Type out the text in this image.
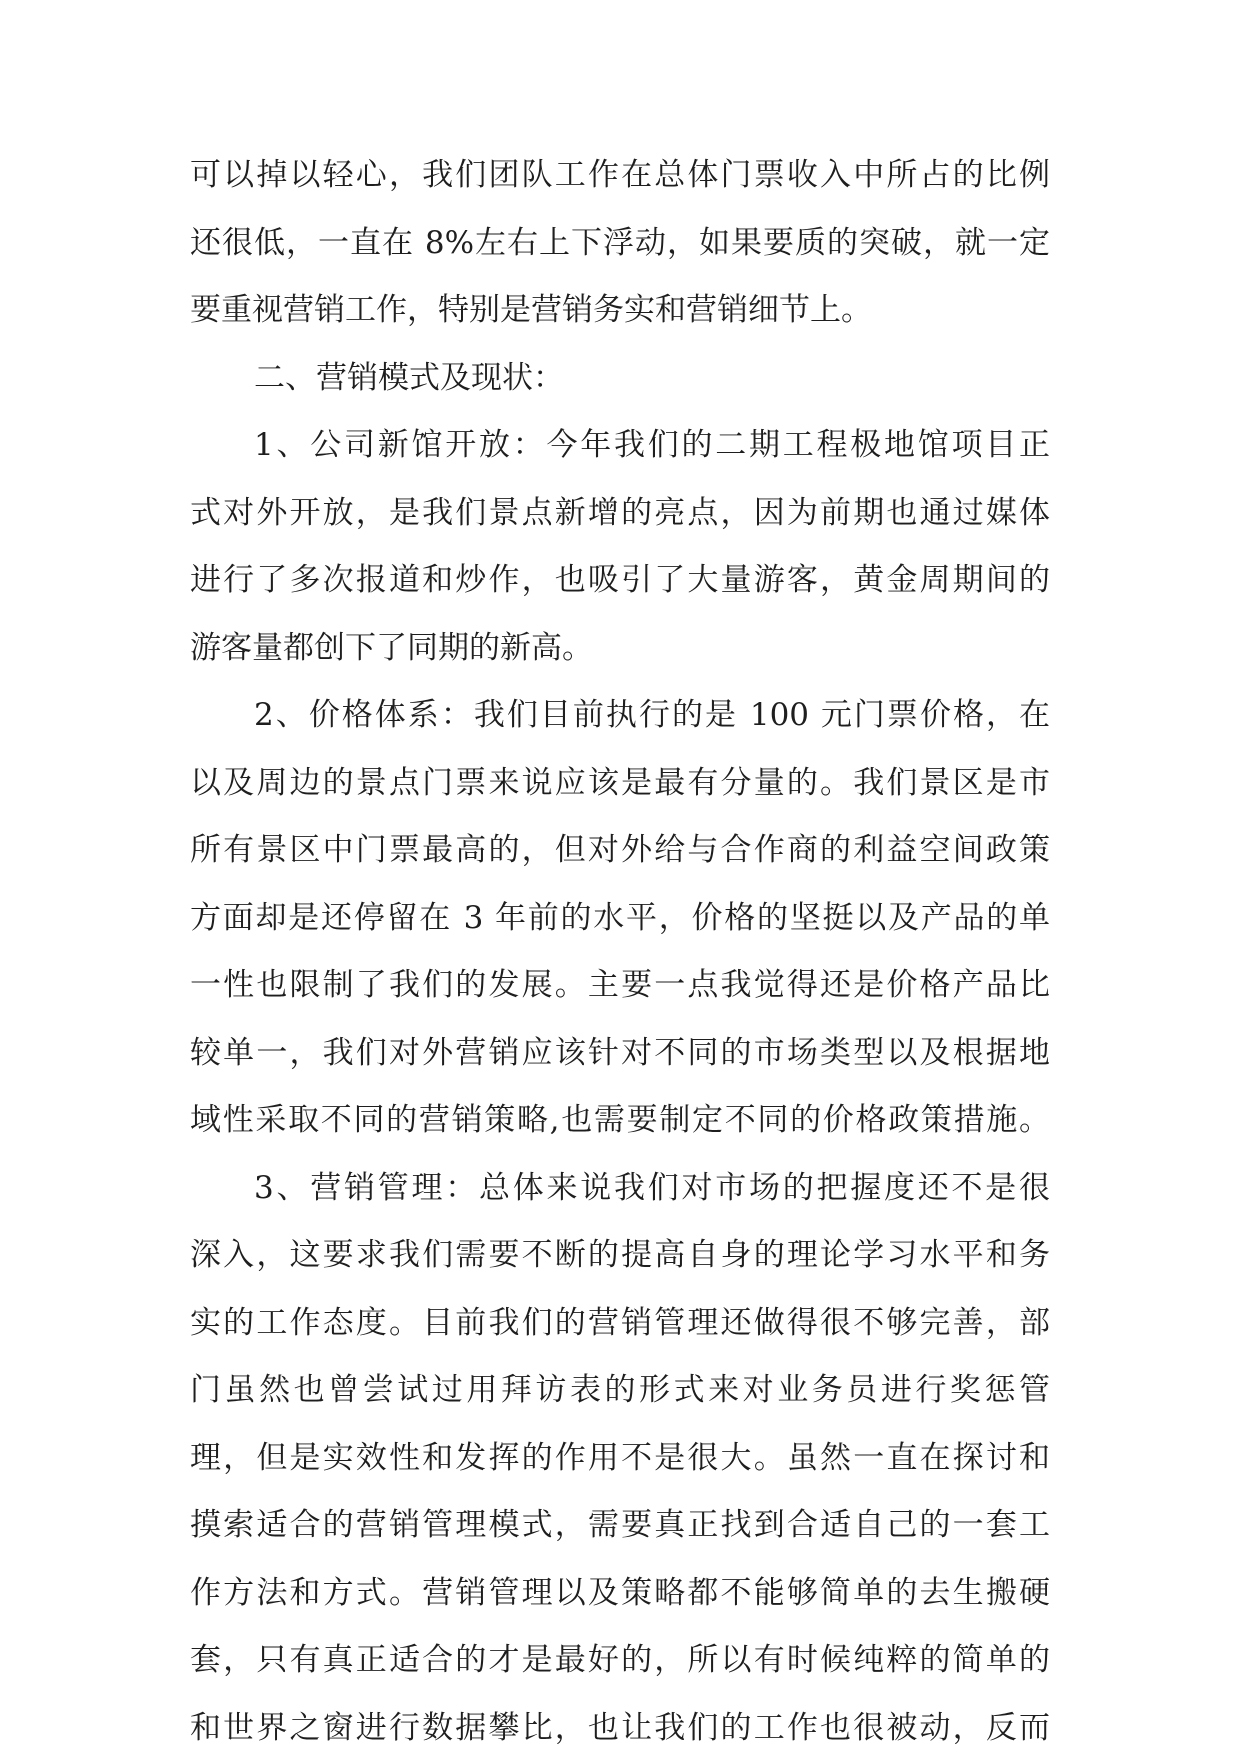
可以掉以轻心，我们团队工作在总体门票收入中所占的比例
还很低，一直在 8%左右上下浮动，如果要质的突破，就一定
要重视营销工作，特别是营销务实和营销细节上。
二、营销模式及现状：
1、公司新馆开放：今年我们的二期工程极地馆项目正
式对外开放，是我们景点新增的亮点，因为前期也通过媒体
进行了多次报道和炒作，也吸引了大量游客，黄金周期间的
游客量都创下了同期的新高。
2、价格体系：我们目前执行的是 100 元门票价格，在
以及周边的景点门票来说应该是最有分量的。我们景区是市
所有景区中门票最高的，但对外给与合作商的利益空间政策
方面却是还停留在 3 年前的水平，价格的坚挺以及产品的单
一性也限制了我们的发展。主要一点我觉得还是价格产品比
较单一，我们对外营销应该针对不同的市场类型以及根据地
域性采取不同的营销策略,也需要制定不同的价格政策措施。
3、营销管理：总体来说我们对市场的把握度还不是很
深入，这要求我们需要不断的提高自身的理论学习水平和务
实的工作态度。目前我们的营销管理还做得很不够完善，部
门虽然也曾尝试过用拜访表的形式来对业务员进行奖惩管
理，但是实效性和发挥的作用不是很大。虽然一直在探讨和
摸索适合的营销管理模式，需要真正找到合适自己的一套工
作方法和方式。营销管理以及策略都不能够简单的去生搬硬
套，只有真正适合的才是最好的，所以有时候纯粹的简单的
和世界之窗进行数据攀比，也让我们的工作也很被动，反而
